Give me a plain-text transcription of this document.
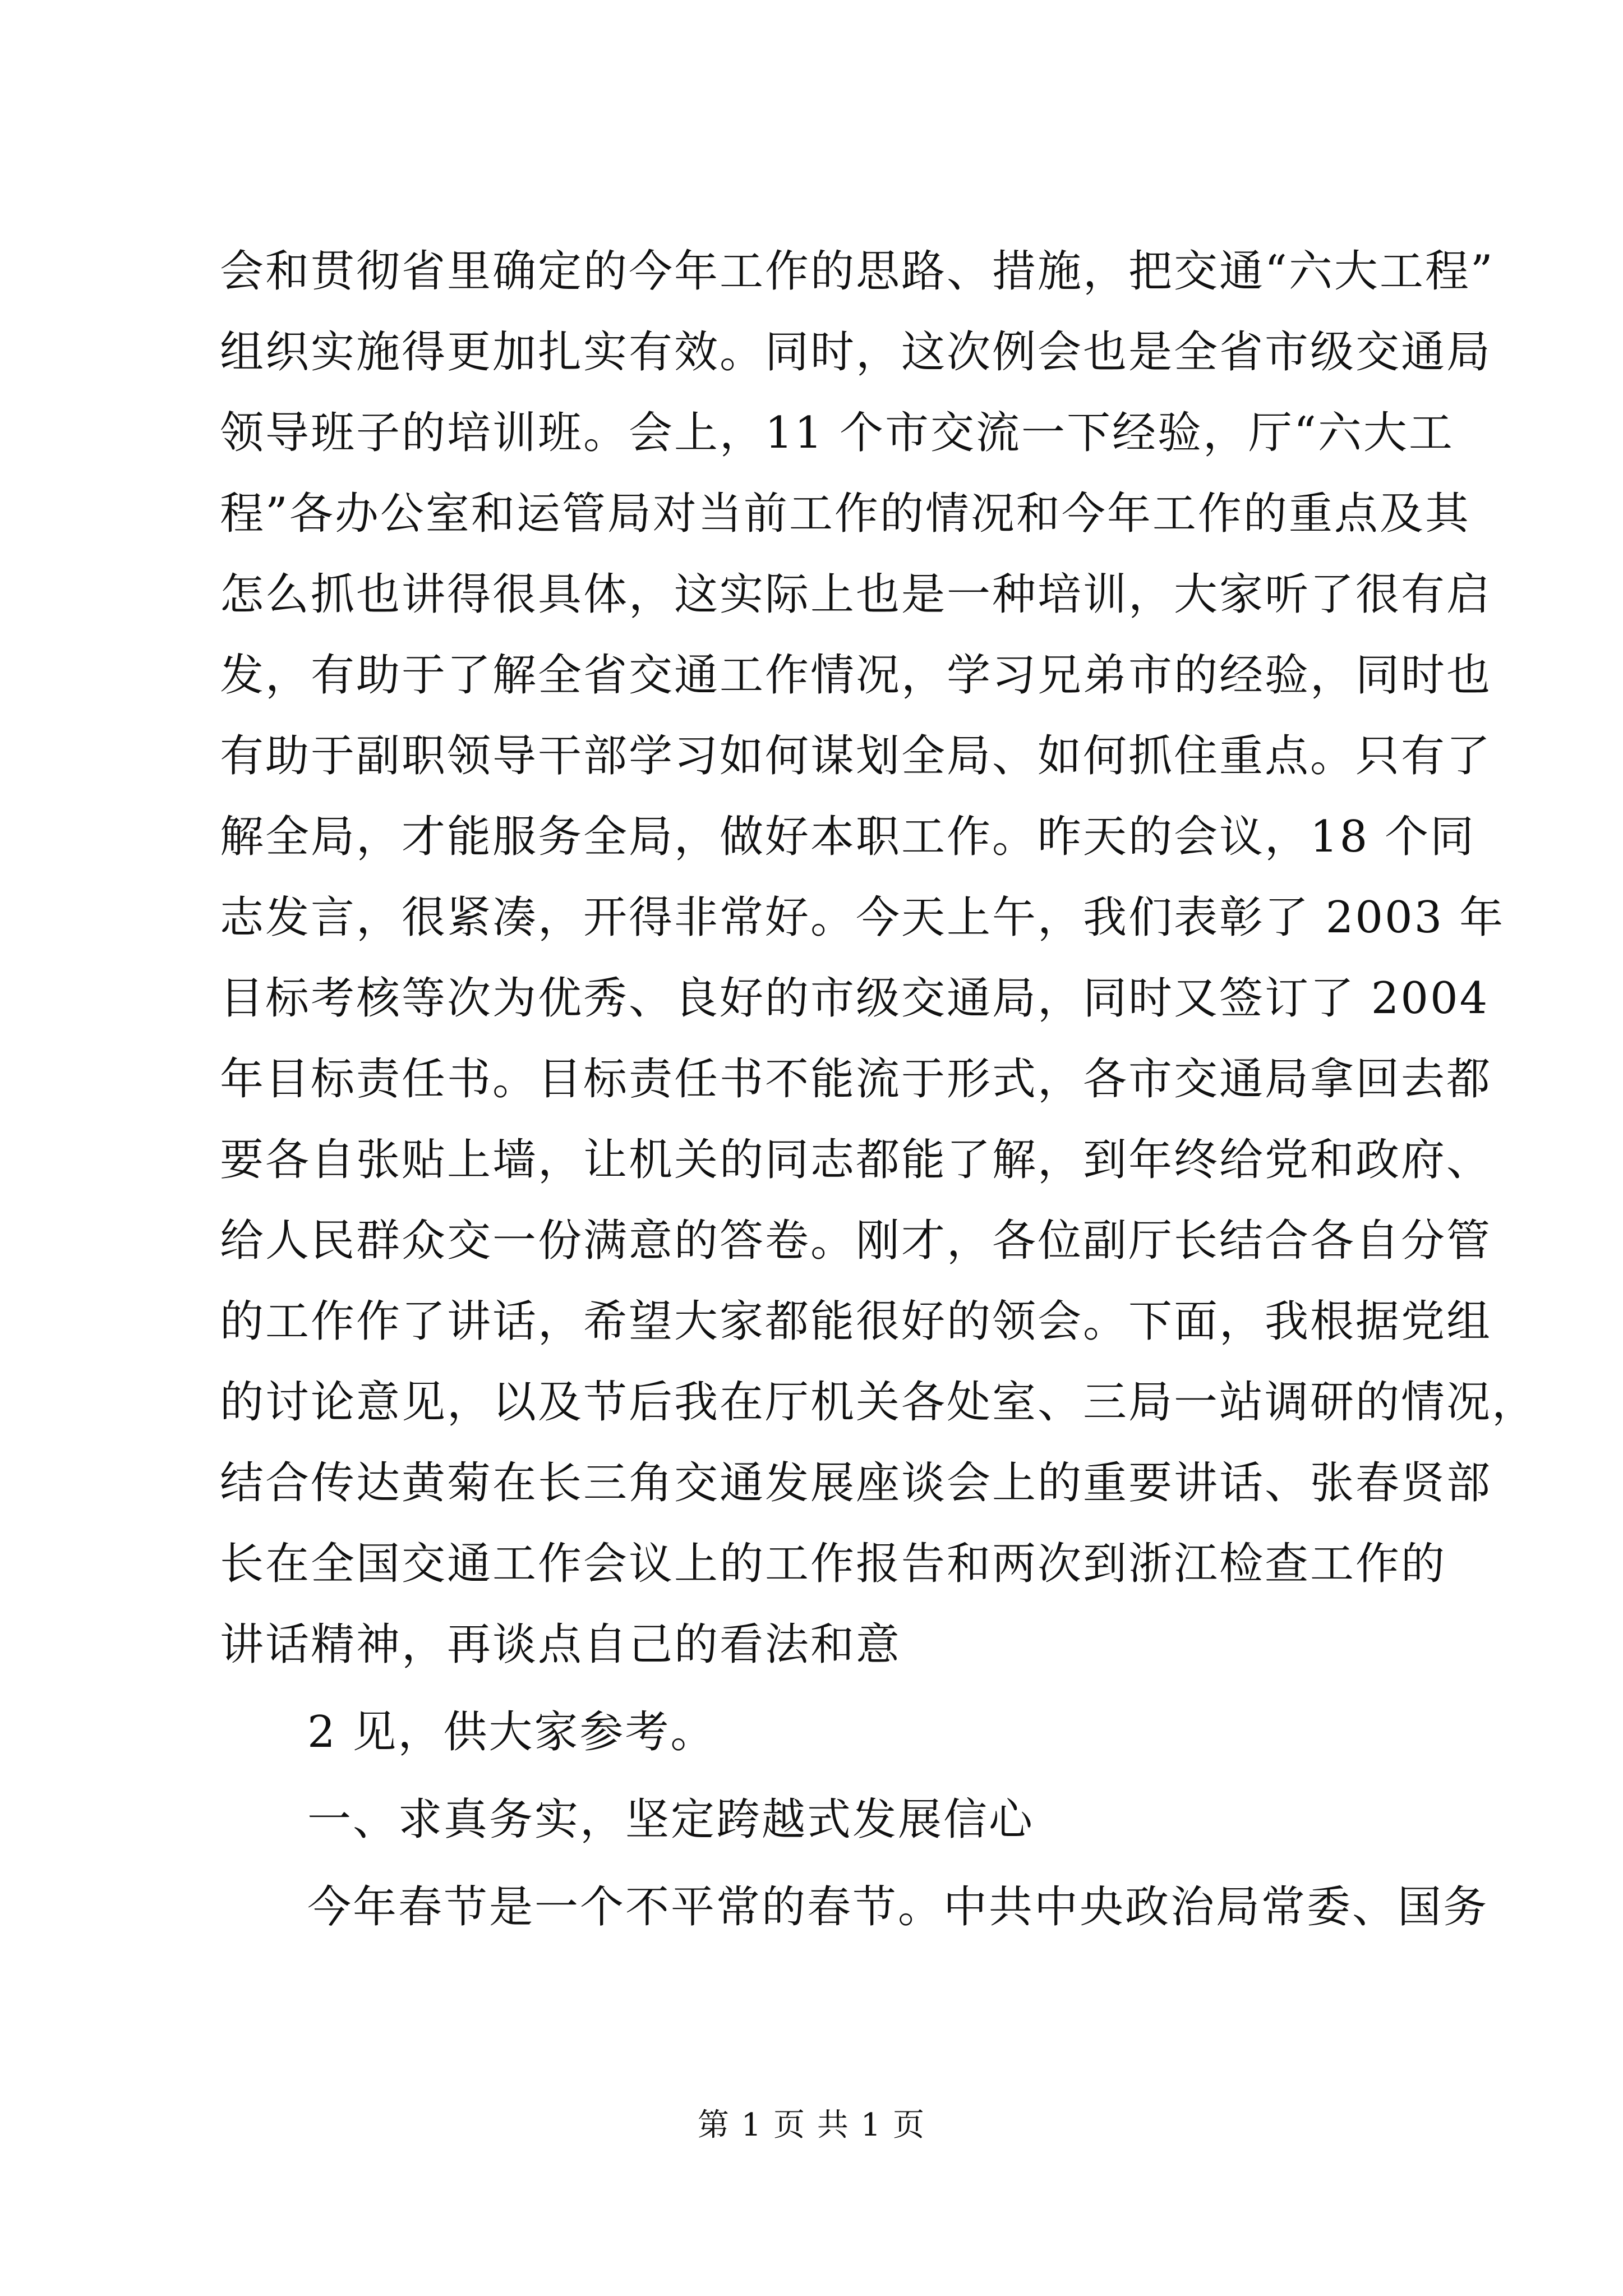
会和贯彻省里确定的今年工作的思路、措施，把交通“六大工程”
组织实施得更加扎实有效。同时，这次例会也是全省市级交通局
领导班子的培训班。会上，11 个市交流一下经验，厅“六大工
程”各办公室和运管局对当前工作的情况和今年工作的重点及其
怎么抓也讲得很具体，这实际上也是一种培训，大家听了很有启
发，有助于了解全省交通工作情况，学习兄弟市的经验，同时也
有助于副职领导干部学习如何谋划全局、如何抓住重点。只有了
解全局，才能服务全局，做好本职工作。昨天的会议，18 个同
志发言，很紧凑，开得非常好。今天上午，我们表彰了 2003 年
目标考核等次为优秀、良好的市级交通局，同时又签订了 2004
年目标责任书。目标责任书不能流于形式，各市交通局拿回去都
要各自张贴上墙，让机关的同志都能了解，到年终给党和政府、
给人民群众交一份满意的答卷。刚才，各位副厅长结合各自分管
的工作作了讲话，希望大家都能很好的领会。下面，我根据党组
的讨论意见，以及节后我在厅机关各处室、三局一站调研的情况，
结合传达黄菊在长三角交通发展座谈会上的重要讲话、张春贤部
长在全国交通工作会议上的工作报告和两次到浙江检查工作的
讲话精神，再谈点自己的看法和意
2 见，供大家参考。
一、求真务实，坚定跨越式发展信心
今年春节是一个不平常的春节。中共中央政治局常委、国务
第 1 页 共 1 页
